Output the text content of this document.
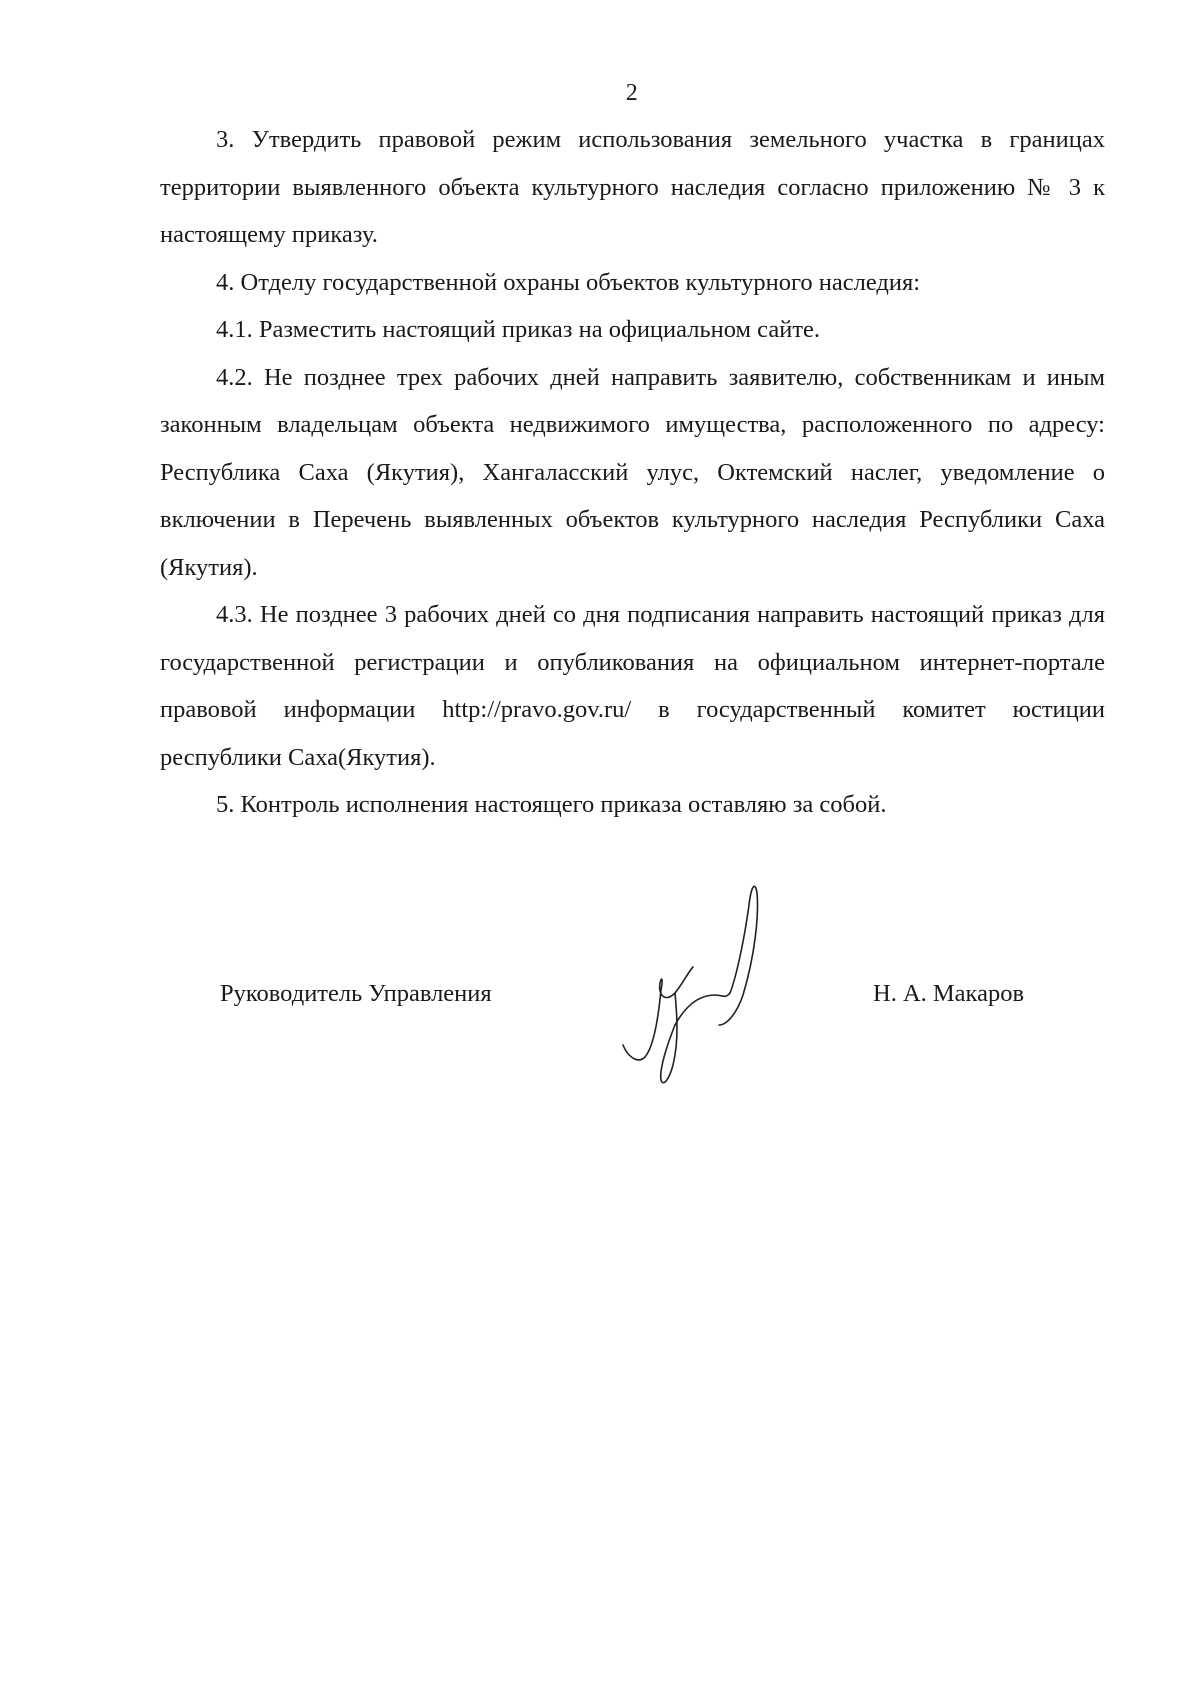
2

3. Утвердить правовой режим использования земельного участка в границах территории выявленного объекта культурного наследия согласно приложению № 3 к настоящему приказу.

4. Отделу государственной охраны объектов культурного наследия:

4.1. Разместить настоящий приказ на официальном сайте.

4.2. Не позднее трех рабочих дней направить заявителю, собственникам и иным законным владельцам объекта недвижимого имущества, расположенного по адресу: Республика Саха (Якутия), Хангаласский улус, Октемский наслег, уведомление о включении в Перечень выявленных объектов культурного наследия Республики Саха (Якутия).

4.3. Не позднее 3 рабочих дней со дня подписания направить настоящий приказ для государственной регистрации и опубликования на официальном интернет-портале правовой информации http://pravo.gov.ru/ в государственный комитет юстиции республики Саха(Якутия).

5. Контроль исполнения настоящего приказа оставляю за собой.

Руководитель Управления	Н. А. Макаров
